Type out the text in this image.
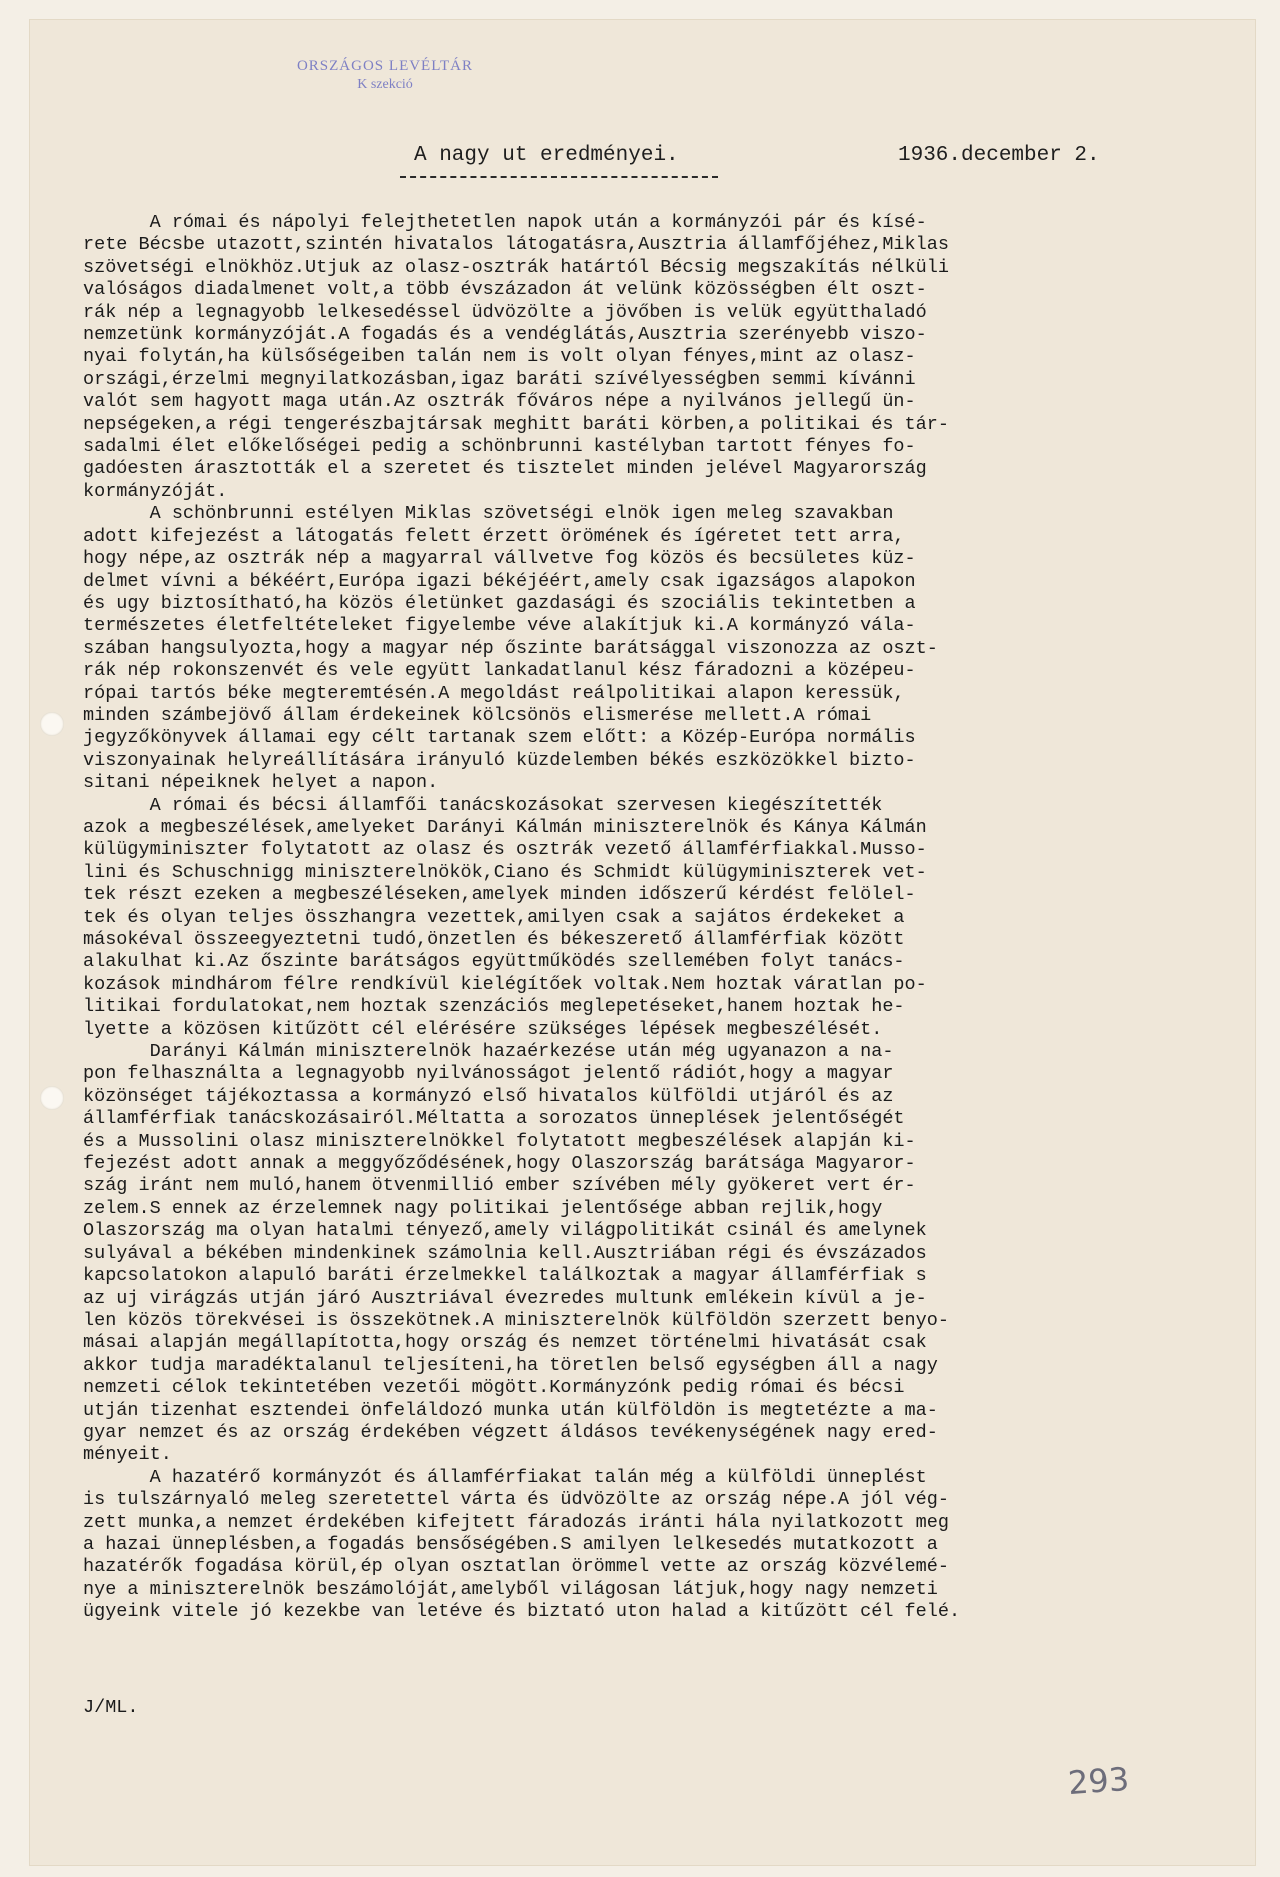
ORSZÁGOS LEVÉLTÁR
K szekció
A nagy ut eredményei.	1936.december 2.
A római és nápolyi felejthetetlen napok után a kormányzói pár és kísé-
rete Bécsbe utazott,szintén hivatalos látogatásra,Ausztria államfőjéhez,Miklas
szövetségi elnökhöz.Utjuk az olasz-osztrák határtól Bécsig megszakítás nélküli
valóságos diadalmenet volt,a több évszázadon át velünk közösségben élt oszt-
rák nép a legnagyobb lelkesedéssel üdvözölte a jövőben is velük együtthaladó
nemzetünk kormányzóját.A fogadás és a vendéglátás,Ausztria szerényebb viszo-
nyai folytán,ha külsőségeiben talán nem is volt olyan fényes,mint az olasz-
országi,érzelmi megnyilatkozásban,igaz baráti szívélyességben semmi kívánni
valót sem hagyott maga után.Az osztrák főváros népe a nyilvános jellegű ün-
nepségeken,a régi tengerészbajtársak meghitt baráti körben,a politikai és tár-
sadalmi élet előkelőségei pedig a schönbrunni kastélyban tartott fényes fo-
gadóesten árasztották el a szeretet és tisztelet minden jelével Magyarország
kormányzóját.
A schönbrunni estélyen Miklas szövetségi elnök igen meleg szavakban
adott kifejezést a látogatás felett érzett örömének és ígéretet tett arra,
hogy népe,az osztrák nép a magyarral vállvetve fog közös és becsületes küz-
delmet vívni a békéért,Európa igazi békéjéért,amely csak igazságos alapokon
és ugy biztosítható,ha közös életünket gazdasági és szociális tekintetben a
természetes életfeltételeket figyelembe véve alakítjuk ki.A kormányzó vála-
szában hangsulyozta,hogy a magyar nép őszinte barátsággal viszonozza az oszt-
rák nép rokonszenvét és vele együtt lankadatlanul kész fáradozni a középeu-
rópai tartós béke megteremtésén.A megoldást reálpolitikai alapon keressük,
minden számbejövő állam érdekeinek kölcsönös elismerése mellett.A római
jegyzőkönyvek államai egy célt tartanak szem előtt: a Közép-Európa normális
viszonyainak helyreállítására irányuló küzdelemben békés eszközökkel bizto-
sitani népeiknek helyet a napon.
A római és bécsi államfői tanácskozásokat szervesen kiegészítették
azok a megbeszélések,amelyeket Darányi Kálmán miniszterelnök és Kánya Kálmán
külügyminiszter folytatott az olasz és osztrák vezető államférfiakkal.Musso-
lini és Schuschnigg miniszterelnökök,Ciano és Schmidt külügyminiszterek vet-
tek részt ezeken a megbeszéléseken,amelyek minden időszerű kérdést felölel-
tek és olyan teljes összhangra vezettek,amilyen csak a sajátos érdekeket a
másokéval összeegyeztetni tudó,önzetlen és békeszerető államférfiak között
alakulhat ki.Az őszinte barátságos együttműködés szellemében folyt tanács-
kozások mindhárom félre rendkívül kielégítőek voltak.Nem hoztak váratlan po-
litikai fordulatokat,nem hoztak szenzációs meglepetéseket,hanem hoztak he-
lyette a közösen kitűzött cél elérésére szükséges lépések megbeszélését.
Darányi Kálmán miniszterelnök hazaérkezése után még ugyanazon a na-
pon felhasználta a legnagyobb nyilvánosságot jelentő rádiót,hogy a magyar
közönséget tájékoztassa a kormányzó első hivatalos külföldi utjáról és az
államférfiak tanácskozásairól.Méltatta a sorozatos ünneplések jelentőségét
és a Mussolini olasz miniszterelnökkel folytatott megbeszélések alapján ki-
fejezést adott annak a meggyőződésének,hogy Olaszország barátsága Magyaror-
szág iránt nem muló,hanem ötvenmillió ember szívében mély gyökeret vert ér-
zelem.S ennek az érzelemnek nagy politikai jelentősége abban rejlik,hogy
Olaszország ma olyan hatalmi tényező,amely világpolitikát csinál és amelynek
sulyával a békében mindenkinek számolnia kell.Ausztriában régi és évszázados
kapcsolatokon alapuló baráti érzelmekkel találkoztak a magyar államférfiak s
az uj virágzás utján járó Ausztriával évezredes multunk emlékein kívül a je-
len közös törekvései is összekötnek.A miniszterelnök külföldön szerzett benyo-
másai alapján megállapította,hogy ország és nemzet történelmi hivatását csak
akkor tudja maradéktalanul teljesíteni,ha töretlen belső egységben áll a nagy
nemzeti célok tekintetében vezetői mögött.Kormányzónk pedig római és bécsi
utján tizenhat esztendei önfeláldozó munka után külföldön is megtetézte a ma-
gyar nemzet és az ország érdekében végzett áldásos tevékenységének nagy ered-
ményeit.
A hazatérő kormányzót és államférfiakat talán még a külföldi ünneplést
is tulszárnyaló meleg szeretettel várta és üdvözölte az ország népe.A jól vég-
zett munka,a nemzet érdekében kifejtett fáradozás iránti hála nyilatkozott meg
a hazai ünneplésben,a fogadás bensőségében.S amilyen lelkesedés mutatkozott a
hazatérők fogadása körül,ép olyan osztatlan örömmel vette az ország közvélemé-
nye a miniszterelnök beszámolóját,amelyből világosan látjuk,hogy nagy nemzeti
ügyeink vitele jó kezekbe van letéve és biztató uton halad a kitűzött cél felé.

J/ML.
293
